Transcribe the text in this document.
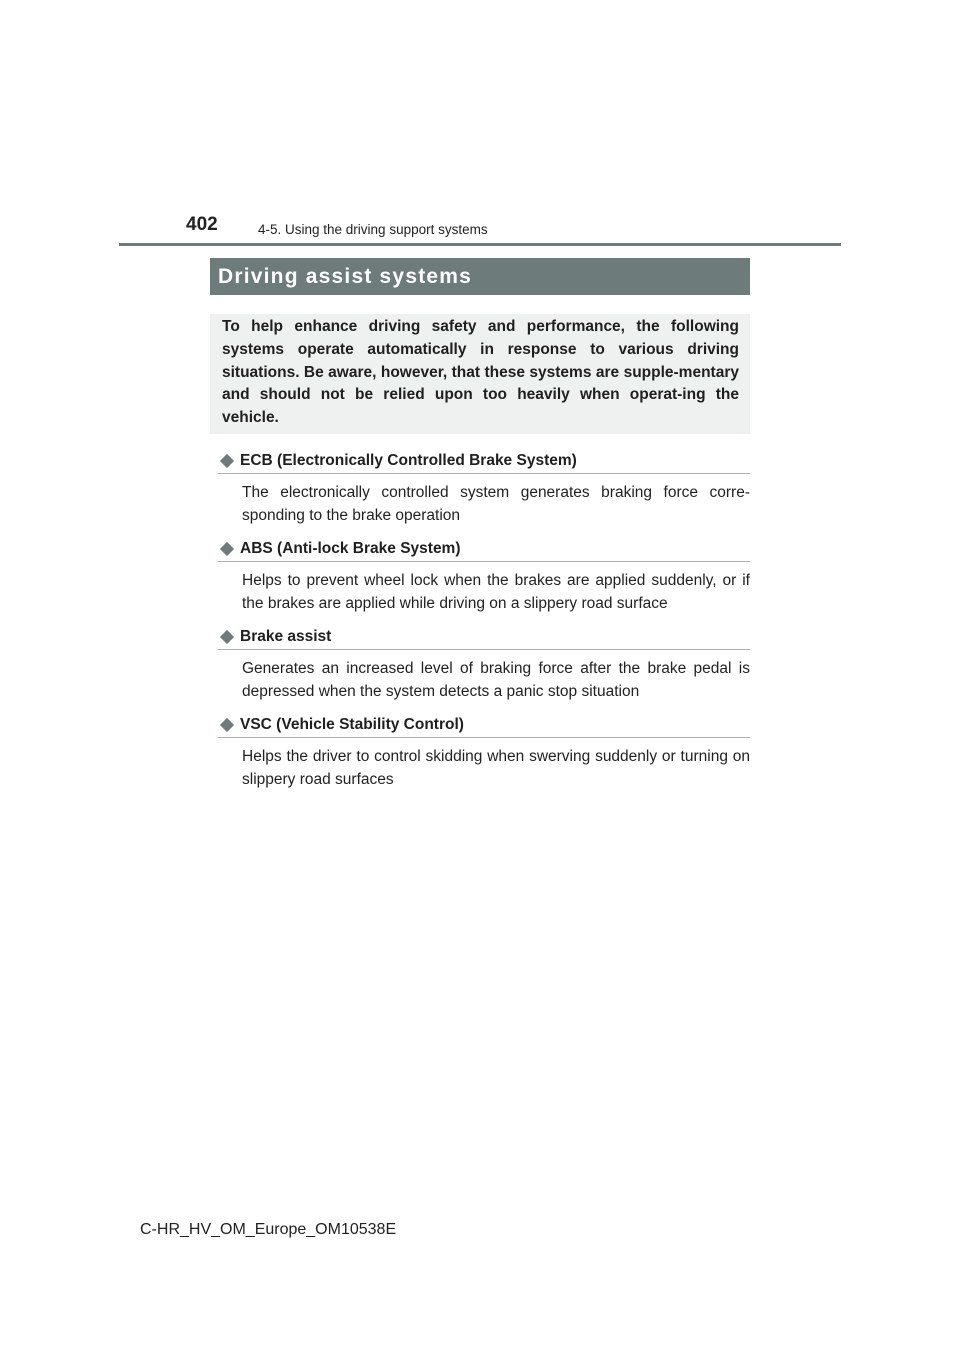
402	4-5. Using the driving support systems
Driving assist systems

To help enhance driving safety and performance, the following systems operate automatically in response to various driving situations. Be aware, however, that these systems are supple-mentary and should not be relied upon too heavily when operat-ing the vehicle.

ECB (Electronically Controlled Brake System)
The electronically controlled system generates braking force corre-sponding to the brake operation
ABS (Anti-lock Brake System)
Helps to prevent wheel lock when the brakes are applied suddenly, or if the brakes are applied while driving on a slippery road surface
Brake assist
Generates an increased level of braking force after the brake pedal is depressed when the system detects a panic stop situation
VSC (Vehicle Stability Control)
Helps the driver to control skidding when swerving suddenly or turning on slippery road surfaces
C-HR_HV_OM_Europe_OM10538E
